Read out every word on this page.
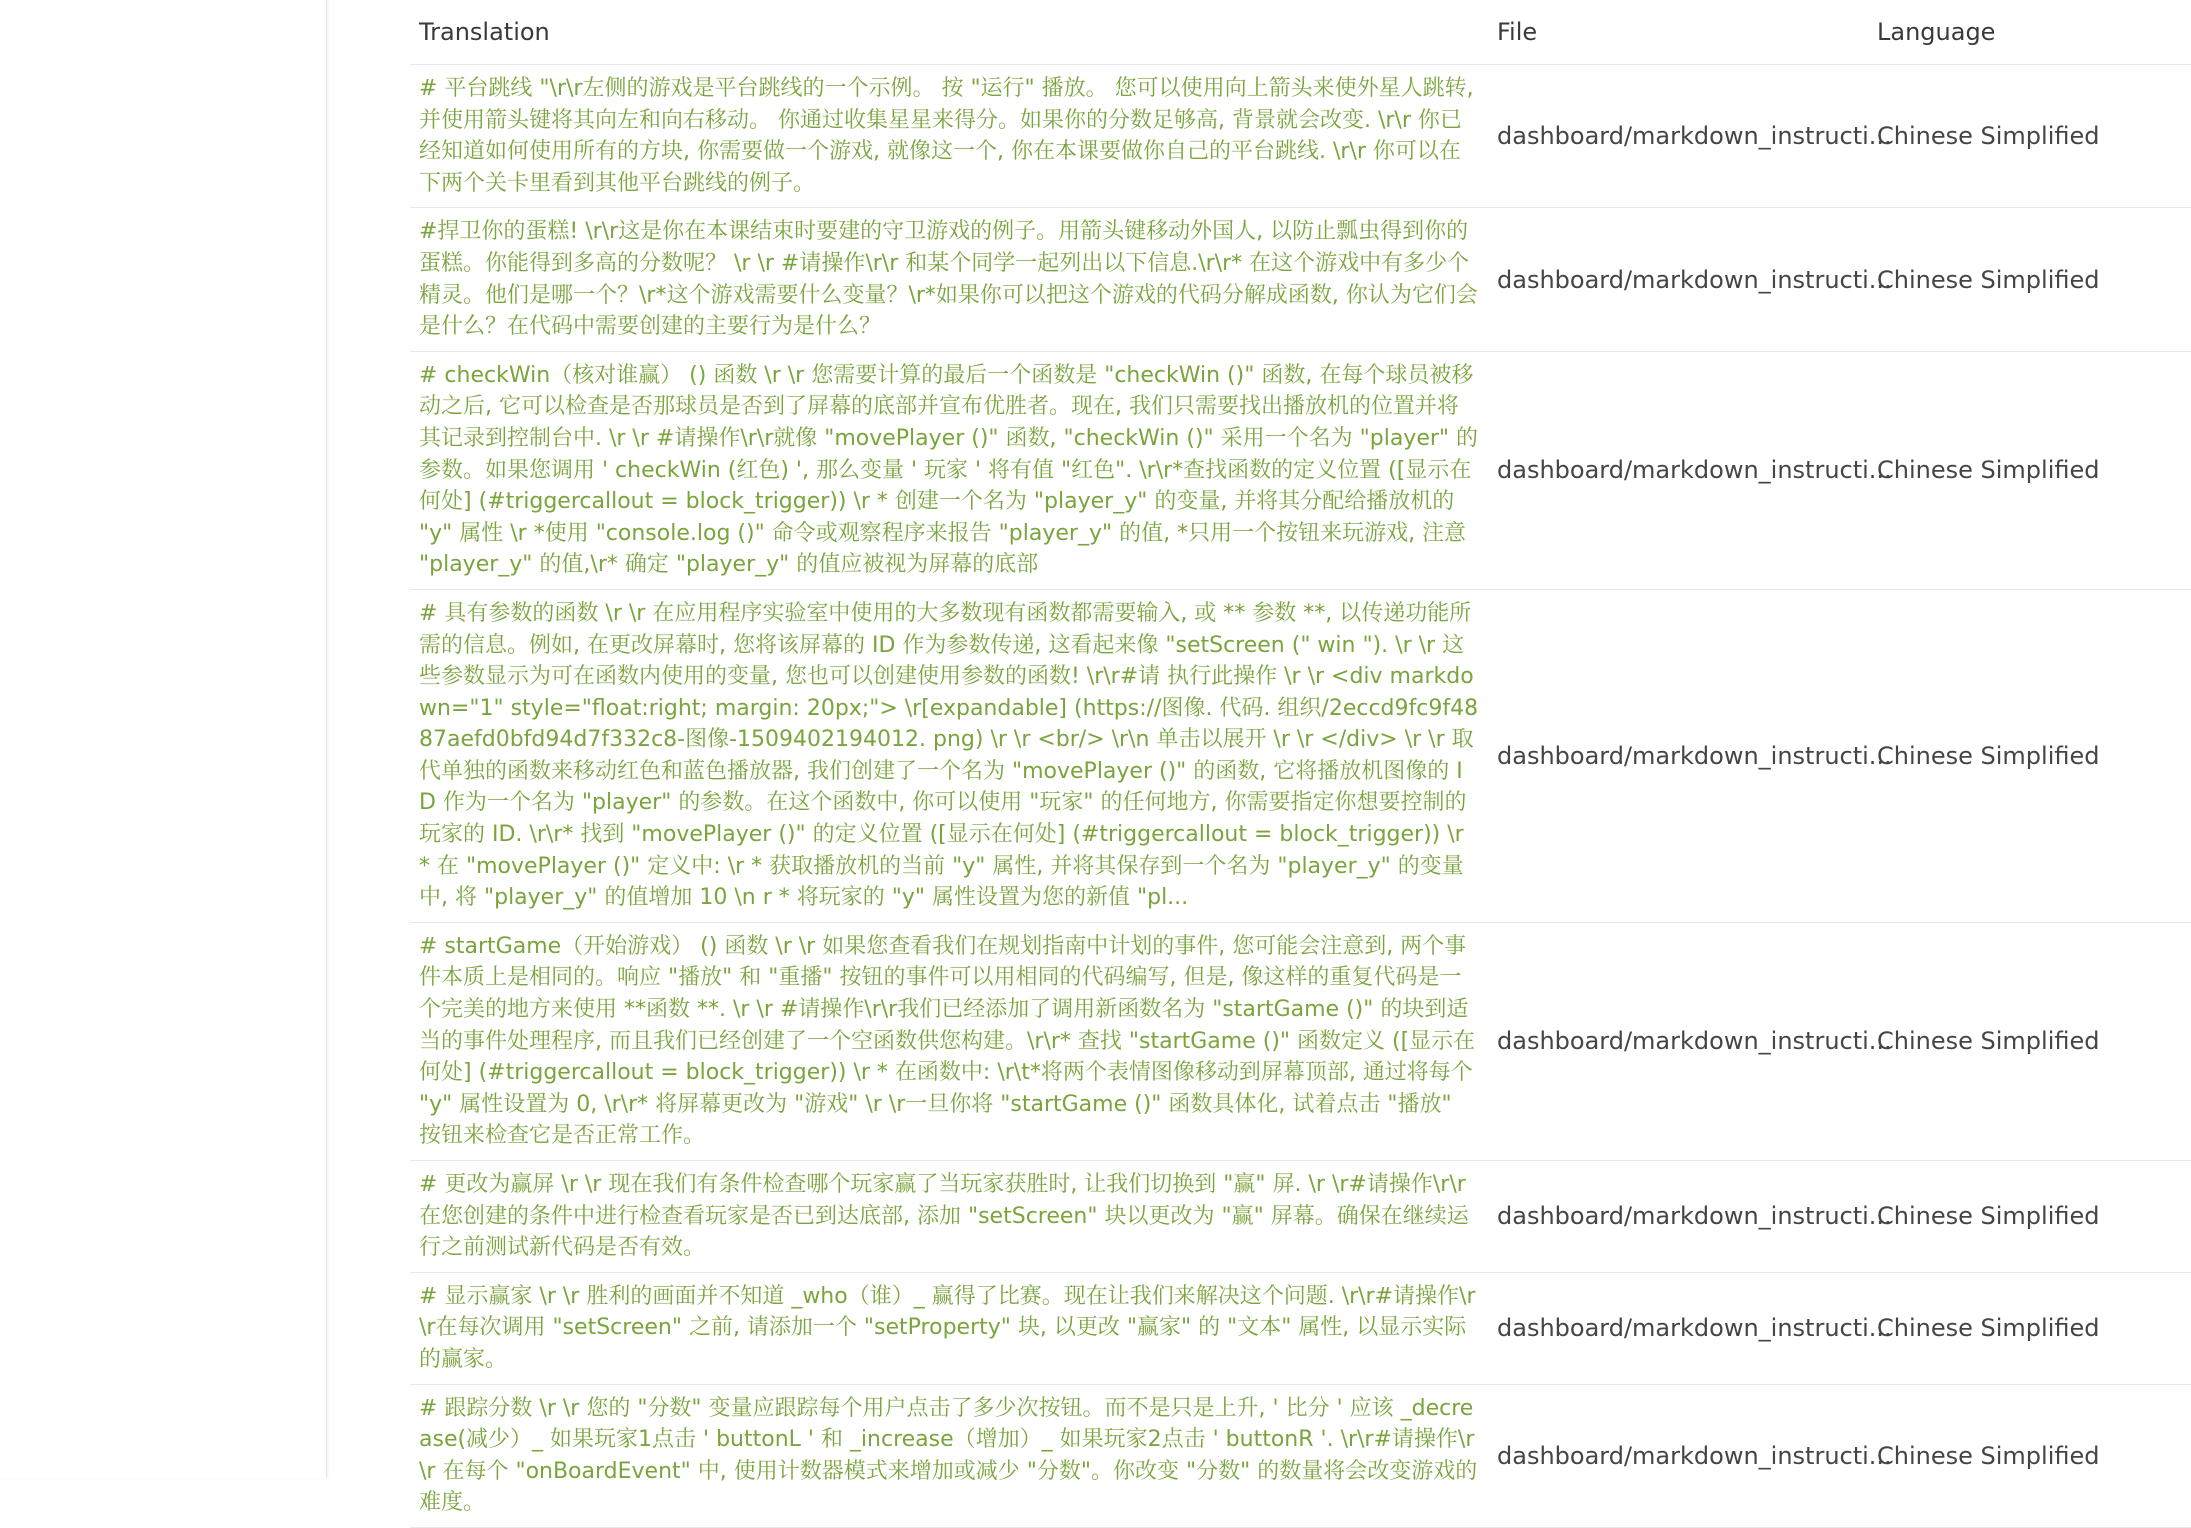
Translation	File	Language
# 平台跳线 "\r\r左侧的游戏是平台跳线的一个示例。 按 "运行" 播放。 您可以使用向上箭头来使外星人跳转, 并使用箭头键将其向左和向右移动。 你通过收集星星来得分。如果你的分数足够高, 背景就会改变. \r\r 你已经知道如何使用所有的方块, 你需要做一个游戏, 就像这一个, 你在本课要做你自己的平台跳线. \r\r 你可以在下两个关卡里看到其他平台跳线的例子。	dashboard/markdown_instructi...	Chinese Simplified
#捍卫你的蛋糕! \r\r这是你在本课结束时要建的守卫游戏的例子。用箭头键移动外国人, 以防止瓢虫得到你的蛋糕。你能得到多高的分数呢？ \r \r #请操作\r\r 和某个同学一起列出以下信息.\r\r* 在这个游戏中有多少个精灵。他们是哪一个？\r*这个游戏需要什么变量？\r*如果你可以把这个游戏的代码分解成函数, 你认为它们会是什么？在代码中需要创建的主要行为是什么？	dashboard/markdown_instructi...	Chinese Simplified
# checkWin（核对谁赢） () 函数 \r \r 您需要计算的最后一个函数是 "checkWin ()" 函数, 在每个球员被移动之后, 它可以检查是否那球员是否到了屏幕的底部并宣布优胜者。现在, 我们只需要找出播放机的位置并将其记录到控制台中. \r \r #请操作\r\r就像 "movePlayer ()" 函数, "checkWin ()" 采用一个名为 "player" 的参数。如果您调用 ' checkWin (红色) ', 那么变量 ' 玩家 ' 将有值 "红色". \r\r*查找函数的定义位置 ([显示在何处] (#triggercallout = block_trigger)) \r * 创建一个名为 "player_y" 的变量, 并将其分配给播放机的 "y" 属性 \r *使用 "console.log ()" 命令或观察程序来报告 "player_y" 的值, *只用一个按钮来玩游戏, 注意 "player_y" 的值,\r* 确定 "player_y" 的值应被视为屏幕的底部	dashboard/markdown_instructi...	Chinese Simplified
# 具有参数的函数 \r \r 在应用程序实验室中使用的大多数现有函数都需要输入, 或 ** 参数 **, 以传递功能所需的信息。例如, 在更改屏幕时, 您将该屏幕的 ID 作为参数传递, 这看起来像 "setScreen (" win "). \r \r 这些参数显示为可在函数内使用的变量, 您也可以创建使用参数的函数! \r\r#请 执行此操作 \r \r <div markdown="1" style="float:right; margin: 20px;"> \r[expandable] (https://图像. 代码. 组织/2eccd9fc9f4887aefd0bfd94d7f332c8-图像-1509402194012. png) \r \r <br/> \r\n 单击以展开 \r \r </div> \r \r 取代单独的函数来移动红色和蓝色播放器, 我们创建了一个名为 "movePlayer ()" 的函数, 它将播放机图像的 ID 作为一个名为 "player" 的参数。在这个函数中, 你可以使用 "玩家" 的任何地方, 你需要指定你想要控制的玩家的 ID. \r\r* 找到 "movePlayer ()" 的定义位置 ([显示在何处] (#triggercallout = block_trigger)) \r * 在 "movePlayer ()" 定义中: \r * 获取播放机的当前 "y" 属性, 并将其保存到一个名为 "player_y" 的变量中, 将 "player_y" 的值增加 10 \n r * 将玩家的 "y" 属性设置为您的新值 "pl...	dashboard/markdown_instructi...	Chinese Simplified
# startGame（开始游戏） () 函数 \r \r 如果您查看我们在规划指南中计划的事件, 您可能会注意到, 两个事件本质上是相同的。响应 "播放" 和 "重播" 按钮的事件可以用相同的代码编写, 但是, 像这样的重复代码是一个完美的地方来使用 **函数 **. \r \r #请操作\r\r我们已经添加了调用新函数名为 "startGame ()" 的块到适当的事件处理程序, 而且我们已经创建了一个空函数供您构建。\r\r* 查找 "startGame ()" 函数定义 ([显示在何处] (#triggercallout = block_trigger)) \r * 在函数中: \r\t*将两个表情图像移动到屏幕顶部, 通过将每个 "y" 属性设置为 0, \r\r* 将屏幕更改为 "游戏" \r \r一旦你将 "startGame ()" 函数具体化, 试着点击 "播放" 按钮来检查它是否正常工作。	dashboard/markdown_instructi...	Chinese Simplified
# 更改为赢屏 \r \r 现在我们有条件检查哪个玩家赢了当玩家获胜时, 让我们切换到 "赢" 屏. \r \r#请操作\r\r 在您创建的条件中进行检查看玩家是否已到达底部, 添加 "setScreen" 块以更改为 "赢" 屏幕。确保在继续运行之前测试新代码是否有效。	dashboard/markdown_instructi...	Chinese Simplified
# 显示赢家 \r \r 胜利的画面并不知道 _who（谁）_ 赢得了比赛。现在让我们来解决这个问题. \r\r#请操作\r\r在每次调用 "setScreen" 之前, 请添加一个 "setProperty" 块, 以更改 "赢家" 的 "文本" 属性, 以显示实际的赢家。	dashboard/markdown_instructi...	Chinese Simplified
# 跟踪分数 \r \r 您的 "分数" 变量应跟踪每个用户点击了多少次按钮。而不是只是上升, ' 比分 ' 应该 _decrease(减少）_ 如果玩家1点击 ' buttonL ' 和 _increase（增加）_ 如果玩家2点击 ' buttonR '. \r\r#请操作\r\r 在每个 "onBoardEvent" 中, 使用计数器模式来增加或减少 "分数"。你改变 "分数" 的数量将会改变游戏的难度。	dashboard/markdown_instructi...	Chinese Simplified
